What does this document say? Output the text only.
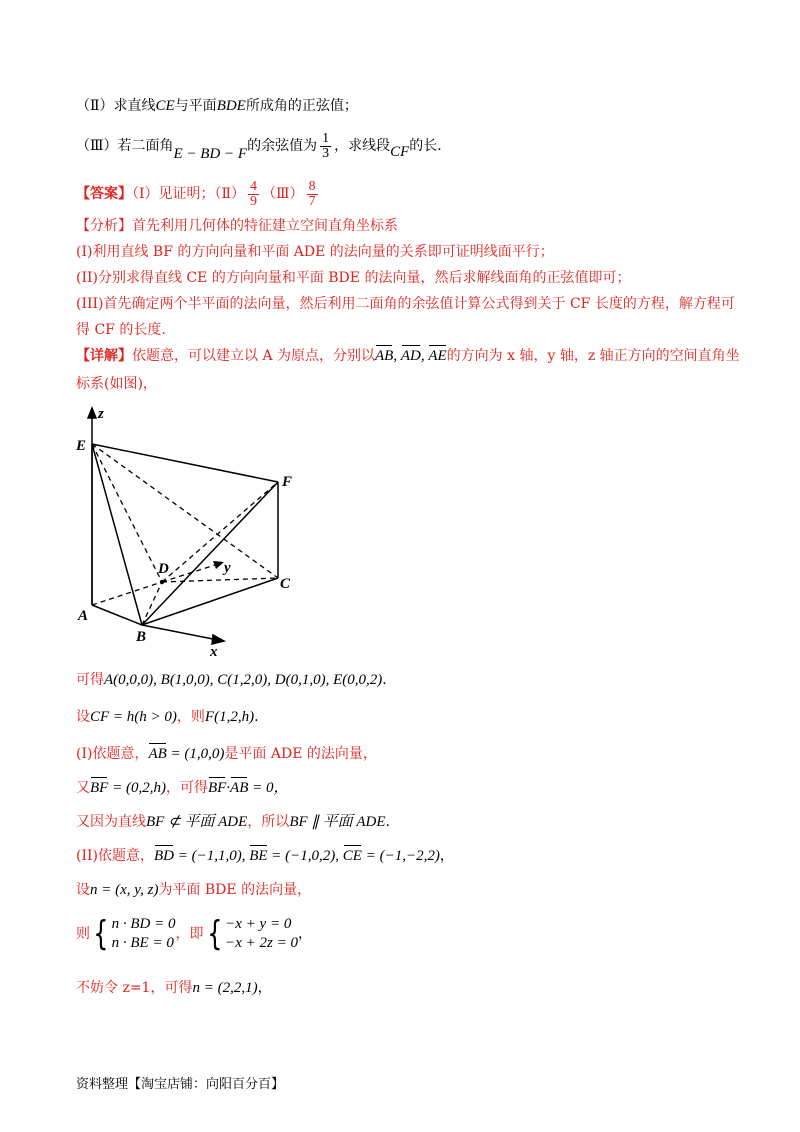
（Ⅱ）求直线CE与平面BDE所成角的正弦值；
（Ⅲ）若二面角E − BD − F的余弦值为 $\frac{1}{3}$ ，求线段CF的长.
【答案】（Ⅰ）见证明；（Ⅱ） $\frac{4}{9}$ （Ⅲ） $\frac{8}{7}$
【分析】首先利用几何体的特征建立空间直角坐标系
(I)利用直线 BF 的方向向量和平面 ADE 的法向量的关系即可证明线面平行；
(II)分别求得直线 CE 的方向向量和平面 BDE 的法向量，然后求解线面角的正弦值即可；
(III)首先确定两个半平面的法向量，然后利用二面角的余弦值计算公式得到关于 CF 长度的方程，解方程可
得 CF 的长度.
【详解】依题意，可以建立以 A 为原点，分别以AB, AD, AE的方向为 x 轴，y 轴，z 轴正方向的空间直角坐
标系(如图)，
z
E
F
D	y
C
A
B
x
可得A(0,0,0), B(1,0,0), C(1,2,0), D(0,1,0), E(0,0,2).
设CF = h(h > 0)，则F(1,2,h).
(I)依题意，AB = (1,0,0)是平面 ADE 的法向量，
又BF = (0,2,h)，可得BF·AB = 0，
又因为直线BF ⊄ 平面 ADE，所以BF ∥ 平面 ADE.
(II)依题意，BD = (−1,1,0), BE = (−1,0,2), CE = (−1,−2,2)，
设n = (x, y, z)为平面 BDE 的法向量，
则{ n · BD = 0
n · BE = 0
，即{ −x + y = 0
−x + 2z = 0
，
不妨令 z=1，可得n = (2,2,1)，
资料整理【淘宝店铺：向阳百分百】
